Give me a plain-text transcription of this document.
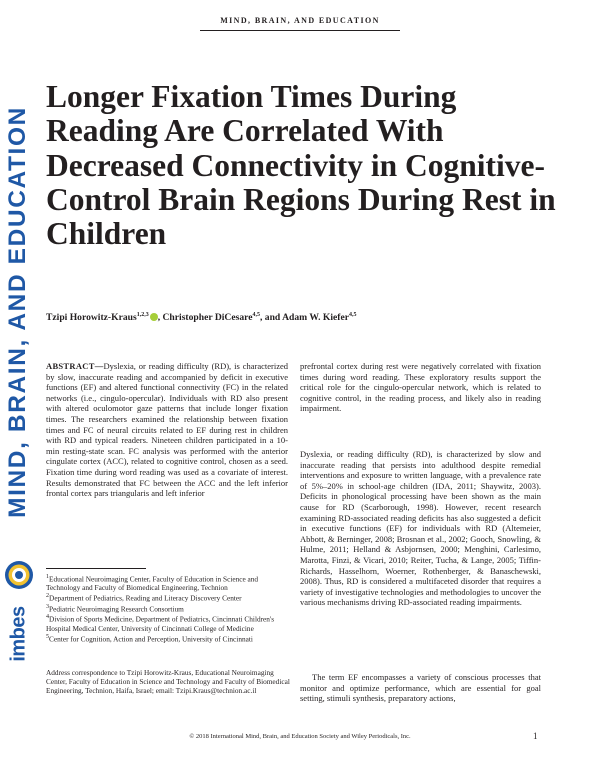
MIND, BRAIN, AND EDUCATION
MIND, BRAIN, AND EDUCATION
imbes
Longer Fixation Times During Reading Are Correlated With Decreased Connectivity in Cognitive-Control Brain Regions During Rest in Children
Tzipi Horowitz-Kraus$^{1,2,3}$ , Christopher DiCesare$^{4,5}$, and Adam W. Kiefer$^{4,5}$
ABSTRACT—Dyslexia, or reading difficulty (RD), is characterized by slow, inaccurate reading and accompanied by deficit in executive functions (EF) and altered functional connectivity (FC) in the related networks (i.e., cingulo-opercular). Individuals with RD also present with altered oculomotor gaze patterns that include longer fixation times. The researchers examined the relationship between fixation times and FC of neural circuits related to EF during rest in children with RD and typical readers. Nineteen children participated in a 10-min resting-state scan. FC analysis was performed with the anterior cingulate cortex (ACC), related to cognitive control, chosen as a seed. Fixation time during word reading was used as a covariate of interest. Results demonstrated that FC between the ACC and the left inferior frontal cortex pars triangularis and left inferior
prefrontal cortex during rest were negatively correlated with fixation times during word reading. These exploratory results support the critical role for the cingulo-opercular network, which is related to cognitive control, in the reading process, and likely also in reading impairment.
Dyslexia, or reading difficulty (RD), is characterized by slow and inaccurate reading that persists into adulthood despite remedial interventions and exposure to written language, with a prevalence rate of 5%–20% in school-age children (IDA, 2011; Shaywitz, 2003). Deficits in phonological processing have been shown as the main cause for RD (Scarborough, 1998). However, recent research examining RD-associated reading deficits has also suggested a deficit in executive functions (EF) for individuals with RD (Altemeier, Abbott, & Berninger, 2008; Brosnan et al., 2002; Gooch, Snowling, & Hulme, 2011; Helland & Asbjornsen, 2000; Menghini, Carlesimo, Marotta, Finzi, & Vicari, 2010; Reiter, Tucha, & Lange, 2005; Tiffin-Richards, Hasselhorn, Woerner, Rothenberger, & Banaschewski, 2008). Thus, RD is considered a multifaceted disorder that requires a variety of investigative technologies and methodologies to uncover the various mechanisms driving RD-associated reading impairments.
The term EF encompasses a variety of conscious processes that monitor and optimize performance, which are essential for goal setting, stimuli synthesis, preparatory actions,
$^1$Educational Neuroimaging Center, Faculty of Education in Science and Technology and Faculty of Biomedical Engineering, Technion
$^2$Department of Pediatrics, Reading and Literacy Discovery Center
$^3$Pediatric Neuroimaging Research Consortium
$^4$Division of Sports Medicine, Department of Pediatrics, Cincinnati Children's Hospital Medical Center, University of Cincinnati College of Medicine
$^5$Center for Cognition, Action and Perception, University of Cincinnati
Address correspondence to Tzipi Horowitz-Kraus, Educational Neuroimaging Center, Faculty of Education in Science and Technology and Faculty of Biomedical Engineering, Technion, Haifa, Israel; email: Tzipi.Kraus@technion.ac.il
© 2018 International Mind, Brain, and Education Society and Wiley Periodicals, Inc.	1
